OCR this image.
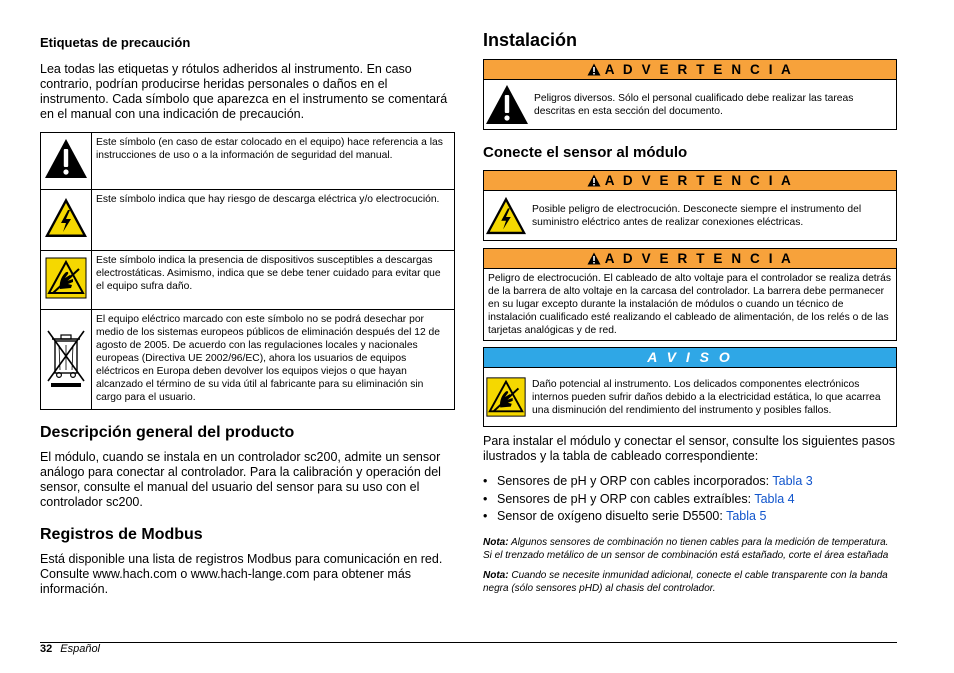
Etiquetas de precaución

Lea todas las etiquetas y rótulos adheridos al instrumento. En caso contrario, podrían producirse heridas personales o daños en el instrumento. Cada símbolo que aparezca en el instrumento se comentará en el manual con una indicación de precaución.

	Este símbolo (en caso de estar colocado en el equipo) hace referencia a las instrucciones de uso o a la información de seguridad del manual.
	Este símbolo indica que hay riesgo de descarga eléctrica y/o electrocución.
	Este símbolo indica la presencia de dispositivos susceptibles a descargas electrostáticas. Asimismo, indica que se debe tener cuidado para evitar que el equipo sufra daño.
	El equipo eléctrico marcado con este símbolo no se podrá desechar por medio de los sistemas europeos públicos de eliminación después del 12 de agosto de 2005. De acuerdo con las regulaciones locales y nacionales europeas (Directiva UE 2002/96/EC), ahora los usuarios de equipos eléctricos en Europa deben devolver los equipos viejos o que hayan alcanzado el término de su vida útil al fabricante para su eliminación sin cargo para el usuario.
Descripción general del producto

El módulo, cuando se instala en un controlador sc200, admite un sensor análogo para conectar al controlador. Para la calibración y operación del sensor, consulte el manual del usuario del sensor para su uso con el controlador sc200.

Registros de Modbus

Está disponible una lista de registros Modbus para comunicación en red. Consulte www.hach.com o www.hach-lange.com para obtener más información.

Instalación
A D V E R T E N C I A
Peligros diversos. Sólo el personal cualificado debe realizar las tareas descritas en esta sección del documento.
Conecte el sensor al módulo
A D V E R T E N C I A
Posible peligro de electrocución. Desconecte siempre el instrumento del suministro eléctrico antes de realizar conexiones eléctricas.
A D V E R T E N C I A
Peligro de electrocución. El cableado de alto voltaje para el controlador se realiza detrás de la barrera de alto voltaje en la carcasa del controlador. La barrera debe permanecer en su lugar excepto durante la instalación de módulos o cuando un técnico de instalación cualificado esté realizando el cableado de alimentación, de los relés o de las tarjetas analógicas y de red.
A V I S O
Daño potencial al instrumento. Los delicados componentes electrónicos internos pueden sufrir daños debido a la electricidad estática, lo que acarrea una disminución del rendimiento del instrumento y posibles fallos.

Para instalar el módulo y conectar el sensor, consulte los siguientes pasos ilustrados y la tabla de cableado correspondiente:

• Sensores de pH y ORP con cables incorporados: Tabla 3
• Sensores de pH y ORP con cables extraíbles: Tabla 4
• Sensor de oxígeno disuelto serie D5500: Tabla 5
Nota: Algunos sensores de combinación no tienen cables para la medición de temperatura. Si el trenzado metálico de un sensor de combinación está estañado, corte el área estañada
Nota: Cuando se necesite inmunidad adicional, conecte el cable transparente con la banda negra (sólo sensores pHD) al chasis del controlador.
32 Español
